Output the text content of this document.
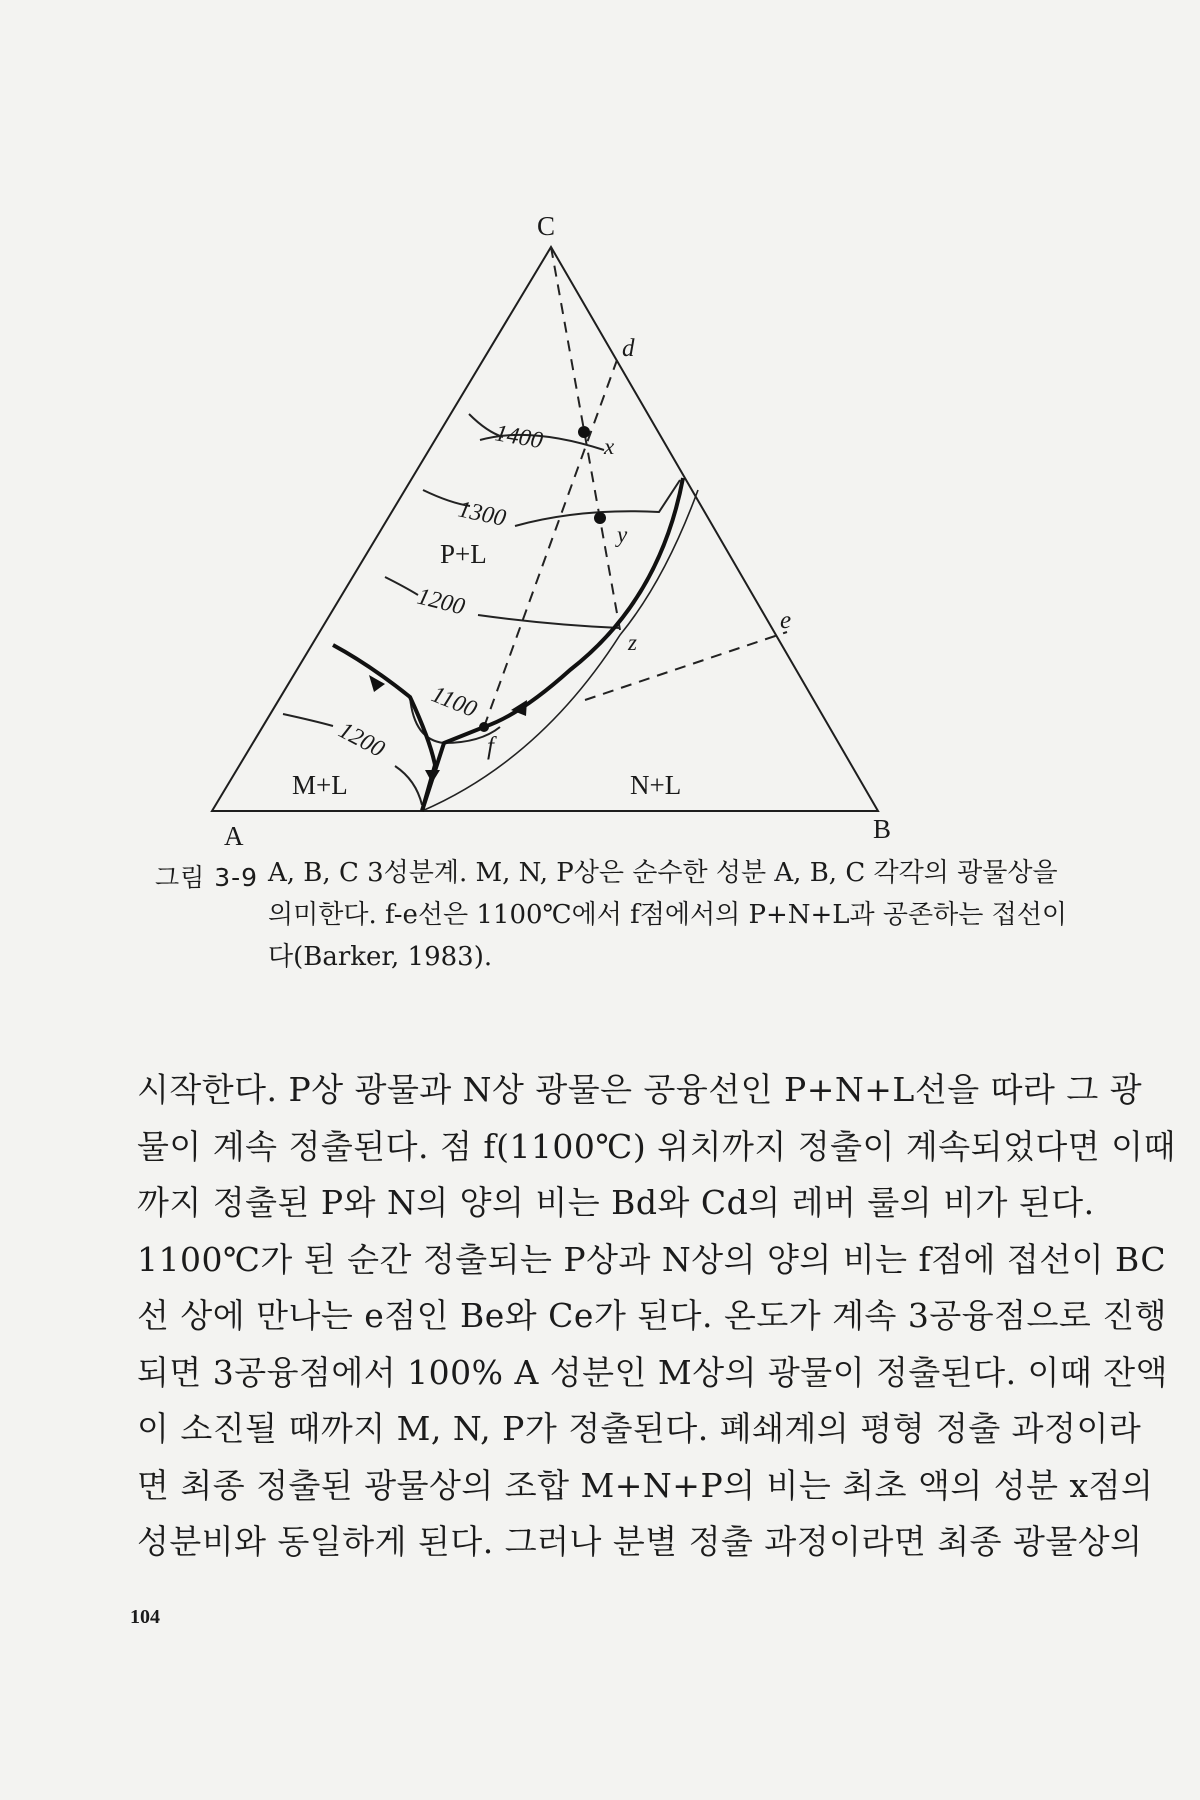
C
A	B
d
x
y
z
e
f
1400
1300
1200
1100
1200
P+L
M+L	N+L
그림 3-9 A, B, C 3성분계. M, N, P상은 순수한 성분 A, B, C 각각의 광물상을

의미한다. f-e선은 1100℃에서 f점에서의 P+N+L과 공존하는 접선이

다(Barker, 1983).

시작한다. P상 광물과 N상 광물은 공융선인 P+N+L선을 따라 그 광

물이 계속 정출된다. 점 f(1100℃) 위치까지 정출이 계속되었다면 이때

까지 정출된 P와 N의 양의 비는 Bd와 Cd의 레버 룰의 비가 된다.

1100℃가 된 순간 정출되는 P상과 N상의 양의 비는 f점에 접선이 BC

선 상에 만나는 e점인 Be와 Ce가 된다. 온도가 계속 3공융점으로 진행

되면 3공융점에서 100% A 성분인 M상의 광물이 정출된다. 이때 잔액

이 소진될 때까지 M, N, P가 정출된다. 폐쇄계의 평형 정출 과정이라

면 최종 정출된 광물상의 조합 M+N+P의 비는 최초 액의 성분 x점의

성분비와 동일하게 된다. 그러나 분별 정출 과정이라면 최종 광물상의

104
